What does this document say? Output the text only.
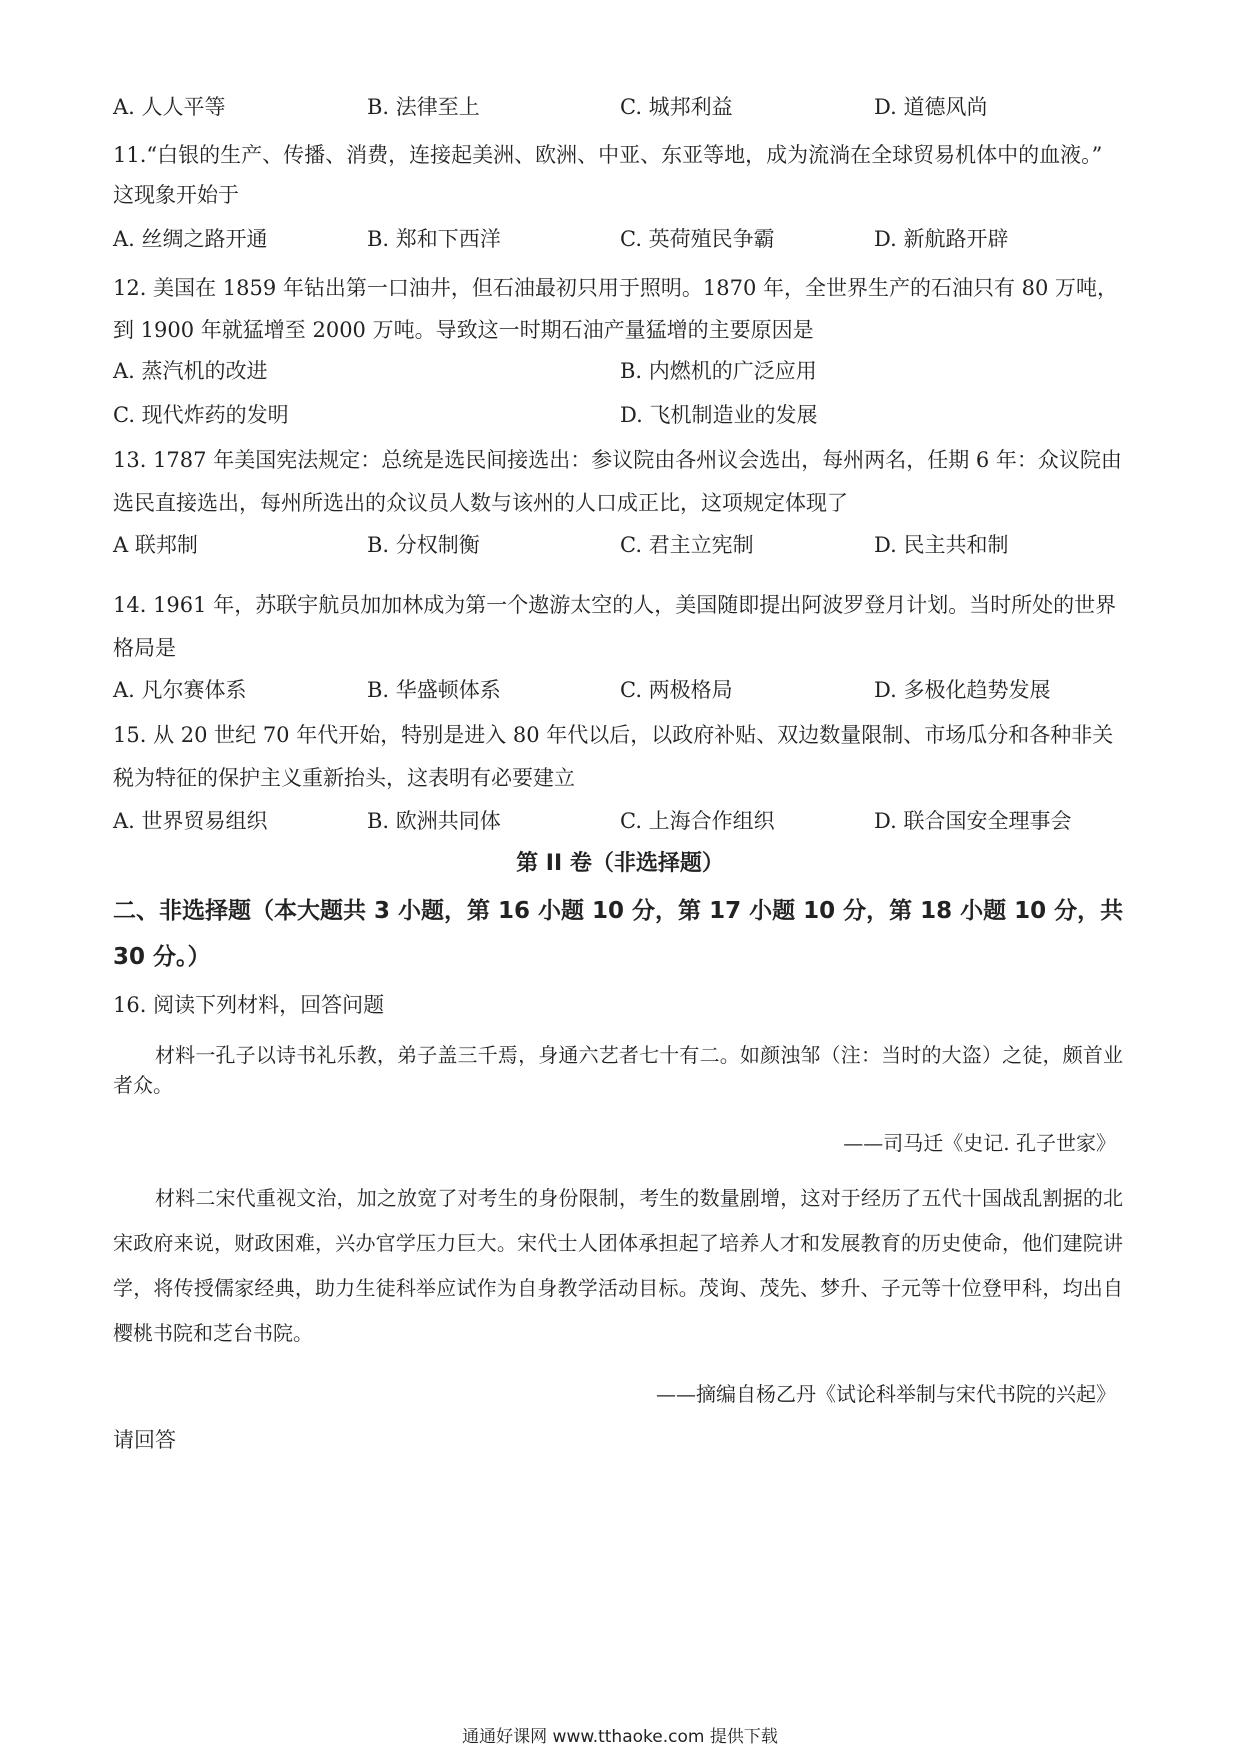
A. 人人平等	B. 法律至上	C. 城邦利益	D. 道德风尚
11.“白银的生产、传播、消费，连接起美洲、欧洲、中亚、东亚等地，成为流淌在全球贸易机体中的血液。”
这现象开始于
A. 丝绸之路开通	B. 郑和下西洋	C. 英荷殖民争霸	D. 新航路开辟
12. 美国在 1859 年钻出第一口油井，但石油最初只用于照明。1870 年，全世界生产的石油只有 80 万吨，
到 1900 年就猛增至 2000 万吨。导致这一时期石油产量猛增的主要原因是
A. 蒸汽机的改进	B. 内燃机的广泛应用
C. 现代炸药的发明	D. 飞机制造业的发展
13. 1787 年美国宪法规定：总统是选民间接选出：参议院由各州议会选出，每州两名，任期 6 年：众议院由
选民直接选出，每州所选出的众议员人数与该州的人口成正比，这项规定体现了
A 联邦制	B. 分权制衡	C. 君主立宪制	D. 民主共和制
14. 1961 年，苏联宇航员加加林成为第一个遨游太空的人，美国随即提出阿波罗登月计划。当时所处的世界
格局是
A. 凡尔赛体系	B. 华盛顿体系	C. 两极格局	D. 多极化趋势发展
15. 从 20 世纪 70 年代开始，特别是进入 80 年代以后，以政府补贴、双边数量限制、市场瓜分和各种非关
税为特征的保护主义重新抬头，这表明有必要建立
A. 世界贸易组织	B. 欧洲共同体	C. 上海合作组织	D. 联合国安全理事会
第 II 卷（非选择题）
二、非选择题（本大题共 3 小题，第 16 小题 10 分，第 17 小题 10 分，第 18 小题 10 分，共
30 分。）
16. 阅读下列材料，回答问题
材料一孔子以诗书礼乐教，弟子盖三千焉，身通六艺者七十有二。如颜浊邹（注：当时的大盗）之徒，颇首业者众。
——司马迁《史记. 孔子世家》
材料二宋代重视文治，加之放宽了对考生的身份限制，考生的数量剧增，这对于经历了五代十国战乱割据的北宋政府来说，财政困难，兴办官学压力巨大。宋代士人团体承担起了培养人才和发展教育的历史使命，他们建院讲学，将传授儒家经典，助力生徒科举应试作为自身教学活动目标。茂询、茂先、梦升、子元等十位登甲科，均出自樱桃书院和芝台书院。
——摘编自杨乙丹《试论科举制与宋代书院的兴起》
请回答
通通好课网 www.tthaoke.com 提供下载
